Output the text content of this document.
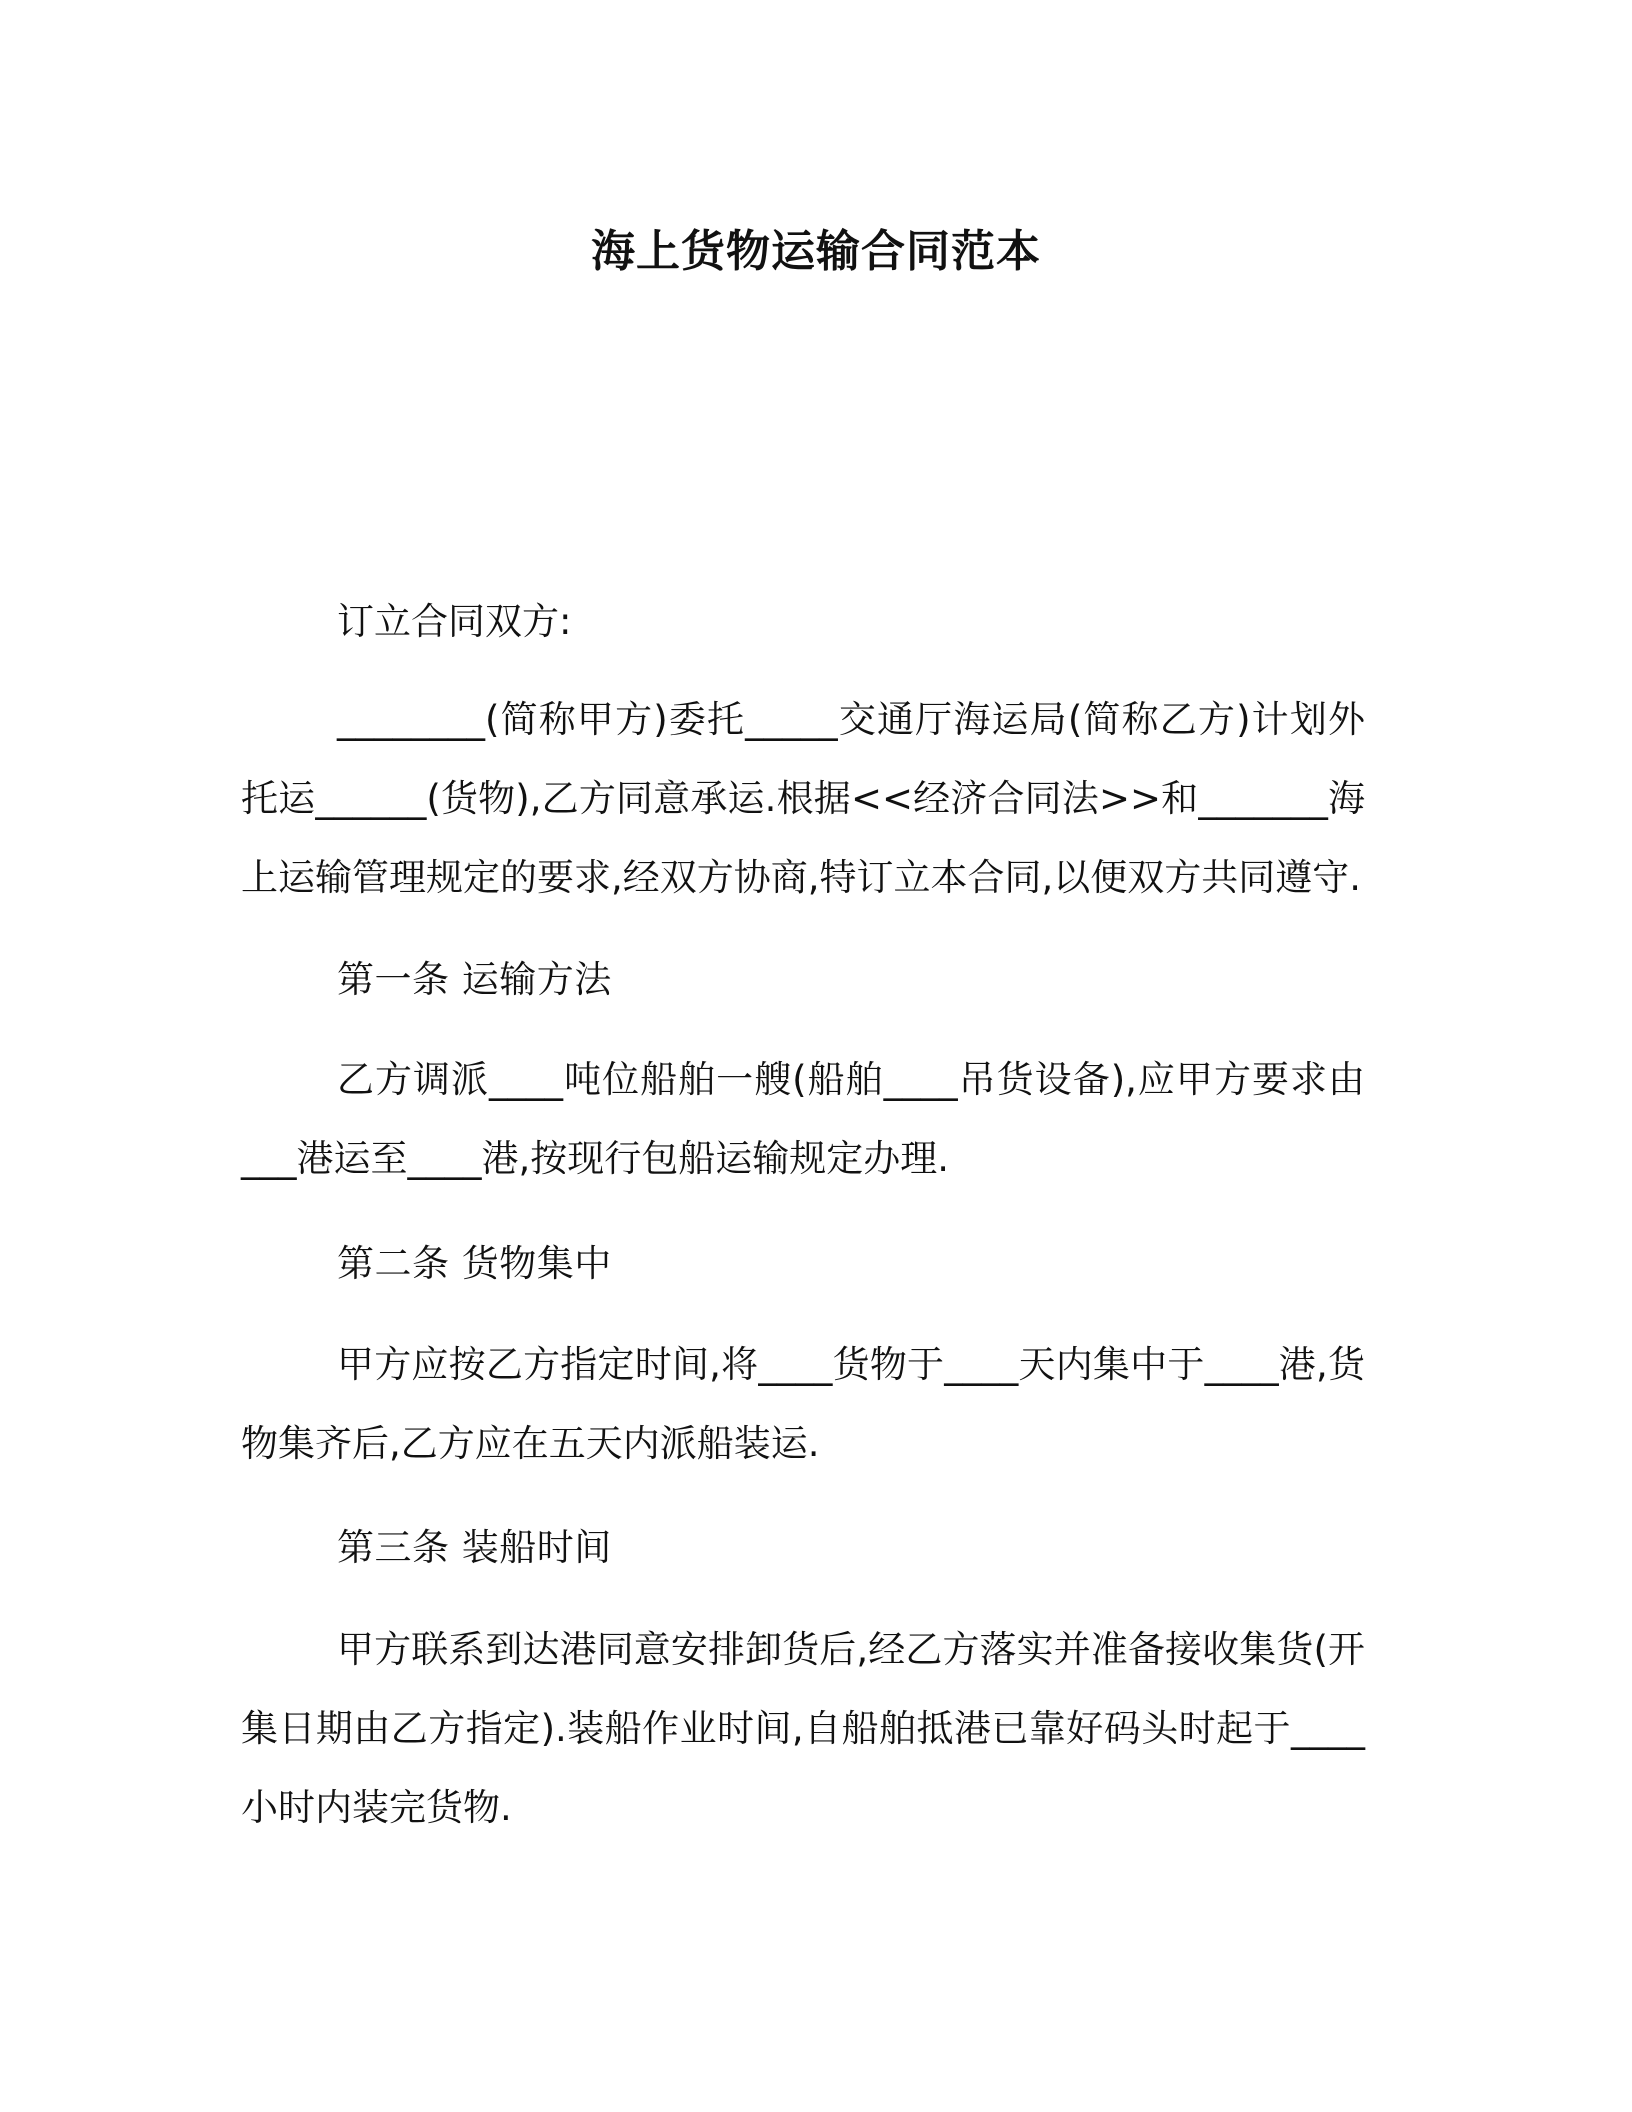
海上货物运输合同范本

订立合同双方:

________(简称甲方)委托_____交通厅海运局(简称乙方)计划外托运______(货物),乙方同意承运.根据<<经济合同法>>和_______海上运输管理规定的要求,经双方协商,特订立本合同,以便双方共同遵守.

第一条 运输方法

乙方调派____吨位船舶一艘(船舶____吊货设备),应甲方要求由___港运至____港,按现行包船运输规定办理.

第二条 货物集中

甲方应按乙方指定时间,将____货物于____天内集中于____港,货物集齐后,乙方应在五天内派船装运.

第三条 装船时间

甲方联系到达港同意安排卸货后,经乙方落实并准备接收集货(开集日期由乙方指定).装船作业时间,自船舶抵港已靠好码头时起于____小时内装完货物.
